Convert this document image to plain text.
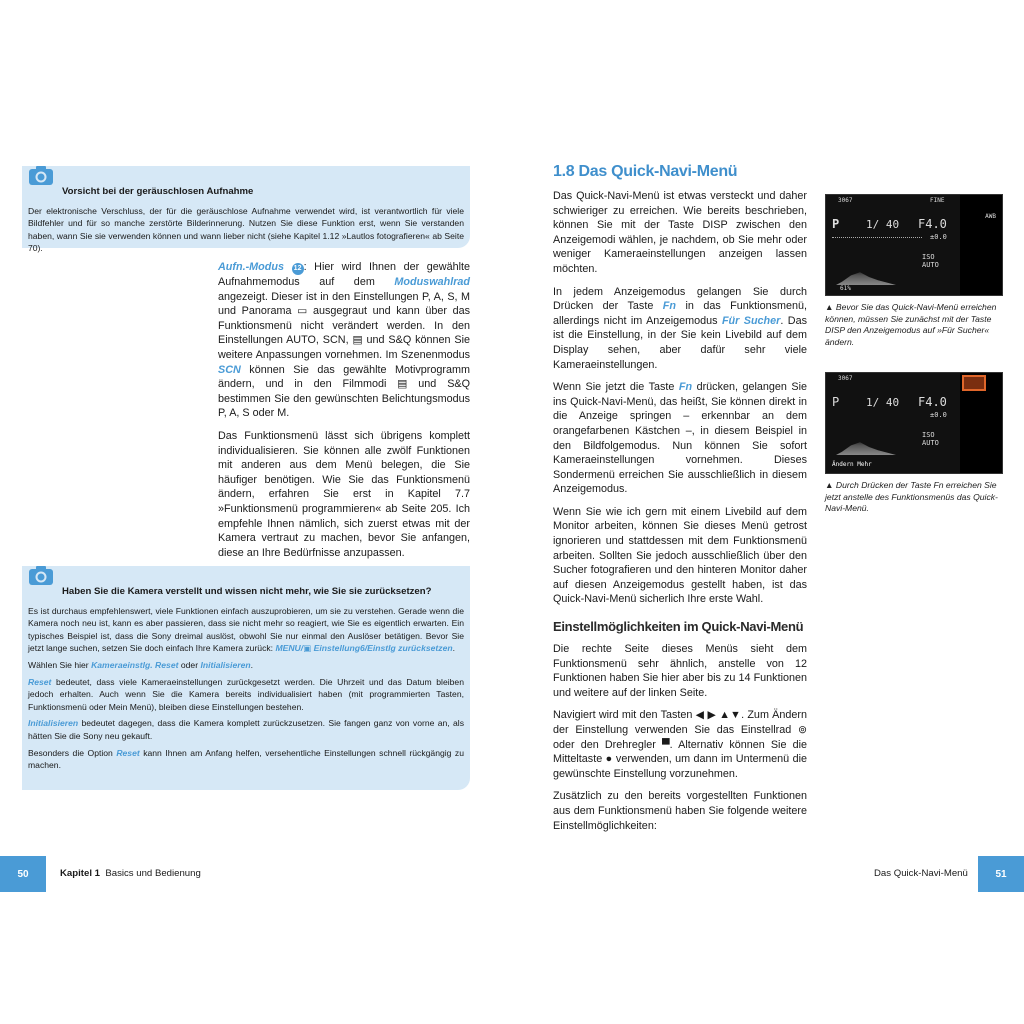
Vorsicht bei der geräuschlosen Aufnahme
Der elektronische Verschluss, der für die geräuschlose Aufnahme verwendet wird, ist verantwortlich für viele Bildfehler und für so manche zerstörte Bilderinnerung. Nutzen Sie diese Funktion erst, wenn Sie verstanden haben, wann Sie sie verwenden können und wann lieber nicht (siehe Kapitel 1.12 »Lautlos fotografieren« ab Seite 70).

Aufn.-Modus 12 : Hier wird Ihnen der gewählte Aufnahmemodus auf dem Moduswahlrad angezeigt. Dieser ist in den Einstellungen P, A, S, M und Panorama ▭ ausgegraut und kann über das Funktionsmenü nicht verändert werden. In den Einstellungen AUTO, SCN, ▤ und S&Q können Sie weitere Anpassungen vornehmen. Im Szenenmodus SCN können Sie das gewählte Motivprogramm ändern, und in den Filmmodi ▤ und S&Q bestimmen Sie den gewünschten Belichtungsmodus P, A, S oder M.

Das Funktionsmenü lässt sich übrigens komplett individualisieren. Sie können alle zwölf Funktionen mit anderen aus dem Menü belegen, die Sie häufiger benötigen. Wie Sie das Funktionsmenü ändern, erfahren Sie erst in Kapitel 7.7 »Funktionsmenü programmieren« ab Seite 205. Ich empfehle Ihnen nämlich, sich zuerst etwas mit der Kamera vertraut zu machen, bevor Sie anfangen, diese an Ihre Bedürfnisse anzupassen.

Haben Sie die Kamera verstellt und wissen nicht mehr, wie Sie sie zurücksetzen?
Es ist durchaus empfehlenswert, viele Funktionen einfach auszuprobieren, um sie zu verstehen. Gerade wenn die Kamera noch neu ist, kann es aber passieren, dass sie nicht mehr so reagiert, wie Sie es eigentlich erwarten. Ein typisches Beispiel ist, dass die Sony dreimal auslöst, obwohl Sie nur einmal den Auslöser betätigen. Bevor Sie jetzt lange suchen, setzen Sie doch einfach Ihre Kamera zurück: MENU/▣ Einstellung6/Einstlg zurücksetzen.
Wählen Sie hier Kameraeinstlg. Reset oder Initialisieren.
Reset bedeutet, dass viele Kameraeinstellungen zurückgesetzt werden. Die Uhrzeit und das Datum bleiben jedoch erhalten. Auch wenn Sie die Kamera bereits individualisiert haben (mit programmierten Tasten, Funktionsmenü oder Mein Menü), bleiben diese Einstellungen bestehen.
Initialisieren bedeutet dagegen, dass die Kamera komplett zurückzusetzen. Sie fangen ganz von vorne an, als hätten Sie die Sony neu gekauft.
Besonders die Option Reset kann Ihnen am Anfang helfen, versehentliche Einstellungen schnell rückgängig zu machen.
50	Kapitel 1 Basics und Bedienung
1.8 Das Quick-Navi-Menü

Das Quick-Navi-Menü ist etwas versteckt und daher schwieriger zu erreichen. Wie bereits beschrieben, können Sie mit der Taste DISP zwischen den Anzeigemodi wählen, je nachdem, ob Sie mehr oder weniger Kameraeinstellungen anzeigen lassen möchten.

In jedem Anzeigemodus gelangen Sie durch Drücken der Taste Fn in das Funktionsmenü, allerdings nicht im Anzeigemodus Für Sucher. Das ist die Einstellung, in der Sie kein Livebild auf dem Display sehen, aber dafür sehr viele Kameraeinstellungen.

Wenn Sie jetzt die Taste Fn drücken, gelangen Sie ins Quick-Navi-Menü, das heißt, Sie können direkt in die Anzeige springen – erkennbar an dem orangefarbenen Kästchen –, in diesem Beispiel in den Bildfolgemodus. Nun können Sie sofort Kameraeinstellungen vornehmen. Dieses Sondermenü erreichen Sie ausschließlich in diesem Anzeigemodus.

Wenn Sie wie ich gern mit einem Livebild auf dem Monitor arbeiten, können Sie dieses Menü getrost ignorieren und stattdessen mit dem Funktionsmenü arbeiten. Sollten Sie jedoch ausschließlich über den Sucher fotografieren und den hinteren Monitor daher auf diesen Anzeigemodus gestellt haben, ist das Quick-Navi-Menü sicherlich Ihre erste Wahl.

Einstellmöglichkeiten im Quick-Navi-Menü

Die rechte Seite dieses Menüs sieht dem Funktionsmenü sehr ähnlich, anstelle von 12 Funktionen haben Sie hier aber bis zu 14 Funktionen und weitere auf der linken Seite.

Navigiert wird mit den Tasten ◀ ▶ ▲▼. Zum Ändern der Einstellung verwenden Sie das Einstellrad ⊚ oder den Drehregler ▀. Alternativ können Sie die Mitteltaste ● verwenden, um dann im Untermenü die gewünschte Einstellung vorzunehmen.

Zusätzlich zu den bereits vorgestellten Funktionen aus dem Funktionsmenü haben Sie folgende weitere Einstellmöglichkeiten:

3067	FINE
P 1/ 40 F4.0
±0.0
ISO AUTO
61%
AWB
▲ Bevor Sie das Quick-Navi-Menü erreichen können, müssen Sie zunächst mit der Taste DISP den Anzeigemodus auf »Für Sucher« ändern.
3067
P 1/ 40 F4.0
±0.0
ISO AUTO
Ändern Mehr
▲ Durch Drücken der Taste Fn erreichen Sie jetzt anstelle des Funktionsmenüs das Quick-Navi-Menü.
Das Quick-Navi-Menü	51
